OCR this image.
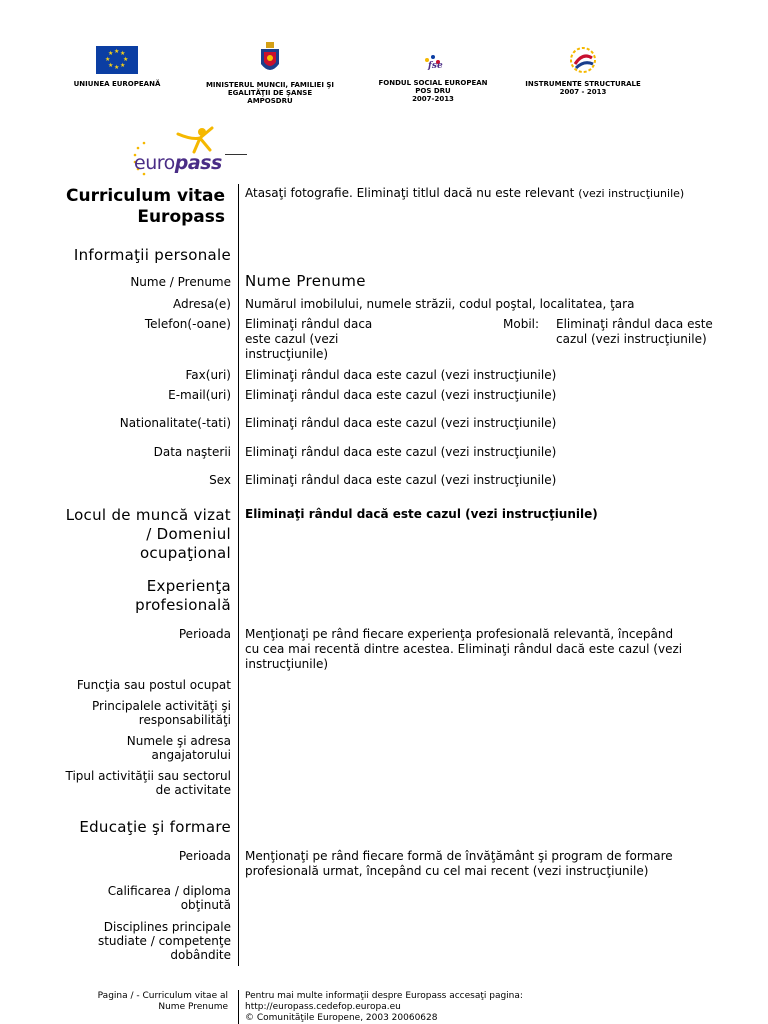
★ ★
★
★
★
★
★
★
UNIUNEA EUROPEANĂ	MINISTERUL MUNCII, FAMILIEI ŞI
EGALITĂŢII DE ŞANSE
AMPOSDRU
fse
FONDUL SOCIAL EUROPEAN
POS DRU
2007-2013
INSTRUMENTE STRUCTURALE
2007 - 2013
europass
Curriculum vitae
Europass
Atasaţi fotografie. Eliminaţi titlul dacă nu este relevant (vezi instrucţiunile)
Informaţii personale
Nume / Prenume Nume Prenume
Adresa(e) Numărul imobilului, numele străzii, codul poştal, localitatea, ţara
Telefon(-oane) Eliminaţi rândul daca
este cazul (vezi
instrucţiunile)
Mobil:	Eliminaţi rândul daca este
cazul (vezi instrucţiunile)
Fax(uri) Eliminaţi rândul daca este cazul (vezi instrucţiunile)
E-mail(uri) Eliminaţi rândul daca este cazul (vezi instrucţiunile)
Nationalitate(-tati) Eliminaţi rândul daca este cazul (vezi instrucţiunile)
Data naşterii Eliminaţi rândul daca este cazul (vezi instrucţiunile)
Sex Eliminaţi rândul daca este cazul (vezi instrucţiunile)
Locul de muncă vizat
/ Domeniul
ocupaţional
Eliminaţi rândul dacă este cazul (vezi instrucţiunile)
Experienţa
profesională
Perioada Menţionaţi pe rând fiecare experienţa profesională relevantă, începând
cu cea mai recentă dintre acestea. Eliminaţi rândul dacă este cazul (vezi
instrucţiunile)
Funcţia sau postul ocupat
Principalele activităţi şi
responsabilităţi
Numele şi adresa
angajatorului
Tipul activităţii sau sectorul
de activitate
Educaţie şi formare
Perioada Menţionaţi pe rând fiecare formă de învăţământ şi program de formare
profesională urmat, începând cu cel mai recent (vezi instrucţiunile)
Calificarea / diploma
obţinută
Disciplines principale
studiate / competenţe
dobândite
Pagina / - Curriculum vitae al
Nume Prenume
Pentru mai multe informaţii despre Europass accesaţi pagina:
http://europass.cedefop.europa.eu
© Comunităţile Europene, 2003 20060628
